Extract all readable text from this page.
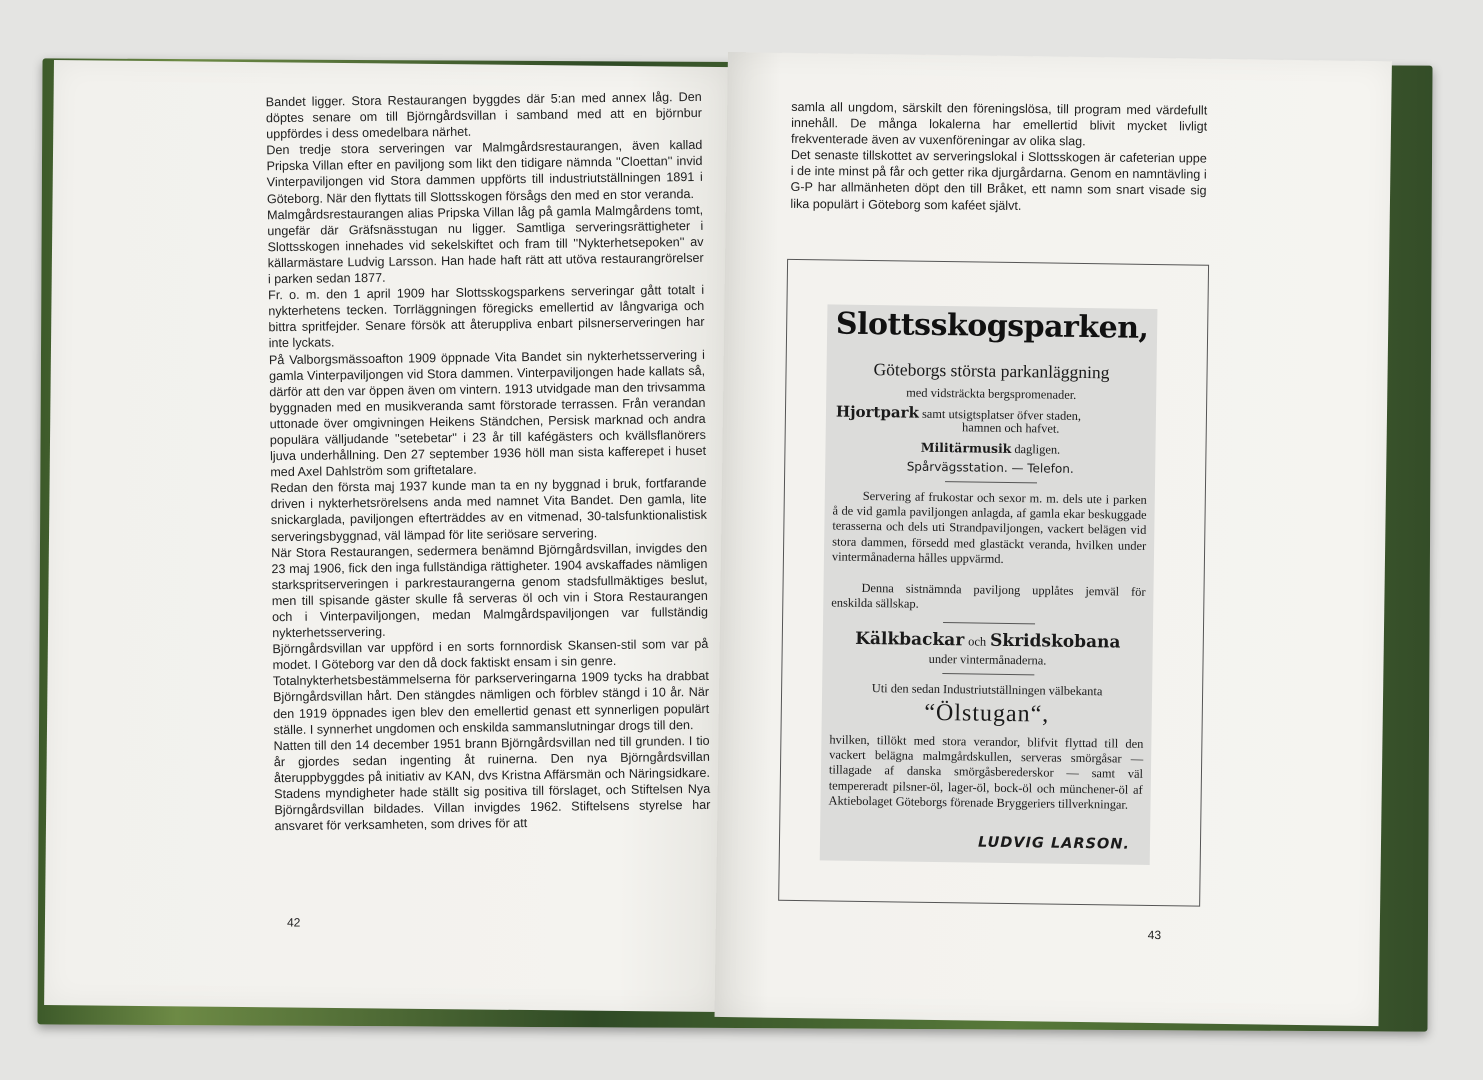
Bandet ligger. Stora Restaurangen byggdes där 5:an med annex låg. Den döptes senare om till Björngårdsvillan i samband med att en björnbur uppfördes i dess omedelbara närhet.

Den tredje stora serveringen var Malmgårdsrestaurangen, även kallad Pripska Villan efter en paviljong som likt den tidigare nämnda ''Cloettan'' invid Vinterpaviljongen vid Stora dammen uppförts till industriutställningen 1891 i Göteborg. När den flyttats till Slottsskogen försågs den med en stor veranda.

Malmgårdsrestaurangen alias Pripska Villan låg på gamla Malmgårdens tomt, ungefär där Gräfsnässtugan nu ligger. Samtliga serveringsrättigheter i Slottsskogen innehades vid sekelskiftet och fram till ''Nykterhetsepoken'' av källarmästare Ludvig Larsson. Han hade haft rätt att utöva restaurangrörelser i parken sedan 1877.

Fr. o. m. den 1 april 1909 har Slottsskogsparkens serveringar gått totalt i nykterhetens tecken. Torrläggningen föregicks emellertid av långvariga och bittra spritfejder. Senare försök att återuppliva enbart pilsnerserveringen har inte lyckats.

På Valborgsmässoafton 1909 öppnade Vita Bandet sin nykterhetsservering i gamla Vinterpaviljongen vid Stora dammen. Vinterpaviljongen hade kallats så, därför att den var öppen även om vintern. 1913 utvidgade man den trivsamma byggnaden med en musikveranda samt förstorade terrassen. Från verandan uttonade över omgivningen Heikens Ständchen, Persisk marknad och andra populära välljudande ''setebetar'' i 23 år till kafégästers och kvällsflanörers ljuva underhållning. Den 27 september 1936 höll man sista kafferepet i huset med Axel Dahlström som griftetalare.

Redan den första maj 1937 kunde man ta en ny byggnad i bruk, fortfarande driven i nykterhetsrörelsens anda med namnet Vita Bandet. Den gamla, lite snickarglada, paviljongen efterträddes av en vitmenad, 30-talsfunktionalistisk serveringsbyggnad, väl lämpad för lite seriösare servering.

När Stora Restaurangen, sedermera benämnd Björngårdsvillan, invigdes den 23 maj 1906, fick den inga fullständiga rättigheter. 1904 avskaffades nämligen starkspritserveringen i parkrestaurangerna genom stadsfullmäktiges beslut, men till spisande gäster skulle få serveras öl och vin i Stora Restaurangen och i Vinterpaviljongen, medan Malmgårdspaviljongen var fullständig nykterhetsservering.

Björngårdsvillan var uppförd i en sorts fornnordisk Skansen-stil som var på modet. I Göteborg var den då dock faktiskt ensam i sin genre.

Totalnykterhetsbestämmelserna för parkserveringarna 1909 tycks ha drabbat Björngårdsvillan hårt. Den stängdes nämligen och förblev stängd i 10 år. När den 1919 öppnades igen blev den emellertid genast ett synnerligen populärt ställe. I synnerhet ungdomen och enskilda sammanslutningar drogs till den.

Natten till den 14 december 1951 brann Björngårdsvillan ned till grunden. I tio år gjordes sedan ingenting åt ruinerna. Den nya Björngårdsvillan återuppbyggdes på initiativ av KAN, dvs Kristna Affärsmän och Näringsidkare. Stadens myndigheter hade ställt sig positiva till förslaget, och Stiftelsen Nya Björngårdsvillan bildades. Villan invigdes 1962. Stiftelsens styrelse har ansvaret för verksamheten, som drives för att

42

samla all ungdom, särskilt den föreningslösa, till program med värdefullt innehåll. De många lokalerna har emellertid blivit mycket livligt frekventerade även av vuxenföreningar av olika slag.

Det senaste tillskottet av serveringslokal i Slottsskogen är cafeterian uppe i de inte minst på får och getter rika djurgårdarna. Genom en namntävling i G-P har allmänheten döpt den till Bråket, ett namn som snart visade sig lika populärt i Göteborg som kaféet självt.

Slottsskogsparken,
Göteborgs största parkanläggning
med vidsträckta bergspromenader.
Hjortpark samt utsigtsplatser öfver staden,
hamnen och hafvet.
Militärmusik dagligen.
Spårvägsstation. — Telefon.
Servering af frukostar och sexor m. m. dels ute i parken å de vid gamla paviljongen anlagda, af gamla ekar beskuggade terasserna och dels uti Strandpaviljongen, vackert belägen vid stora dammen, försedd med glastäckt veranda, hvilken under vintermånaderna hålles uppvärmd.
Denna sistnämnda paviljong upplåtes jemväl för enskilda sällskap.
Kälkbackar och Skridskobana
under vintermånaderna.
Uti den sedan Industriutställningen välbekanta
“Ölstugan“,
hvilken, tillökt med stora verandor, blifvit flyttad till den vackert belägna malmgårdskullen, serveras smörgåsar — tillagade af danska smörgåsberederskor — samt väl tempereradt pilsner-öl, lager-öl, bock-öl och münchener-öl af Aktiebolaget Göteborgs förenade Bryggeriers tillverkningar.
LUDVIG LARSON.
43
